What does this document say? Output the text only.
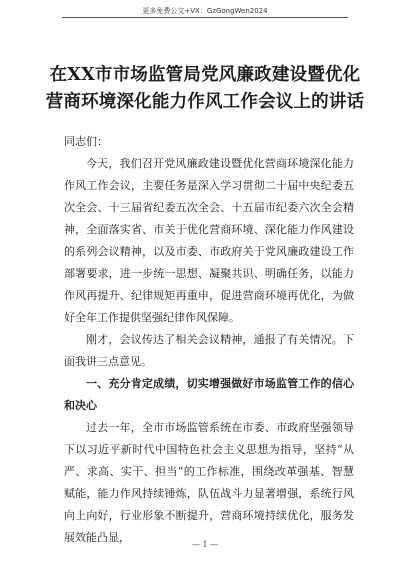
更多免费公文+VX：GzGongWen2024
在XX市市场监管局党风廉政建设暨优化
营商环境深化能力作风工作会议上的讲话

同志们：

今天，我们召开党风廉政建设暨优化营商环境深化能力作风工作会议，主要任务是深入学习贯彻二十届中央纪委五次全会、十三届省纪委五次全会、十五届市纪委六次全会精神，全面落实省、市关于优化营商环境、深化能力作风建设的系列会议精神，以及市委、市政府关于党风廉政建设工作部署要求，进一步统一思想、凝聚共识、明确任务，以能力作风再提升、纪律规矩再重申，促进营商环境再优化，为做好全年工作提供坚强纪律作风保障。

刚才，会议传达了相关会议精神，通报了有关情况。下面我讲三点意见。

一、充分肯定成绩，切实增强做好市场监管工作的信心和决心

过去一年，全市市场监管系统在市委、市政府坚强领导下以习近平新时代中国特色社会主义思想为指导，坚持“从严、求高、实干、担当”的工作标准，围绕改革强基、智慧赋能，能力作风持续锤炼，队伍战斗力显著增强，系统行风向上向好，行业形象不断提升，营商环境持续优化，服务发展效能凸显，

— 1 —
